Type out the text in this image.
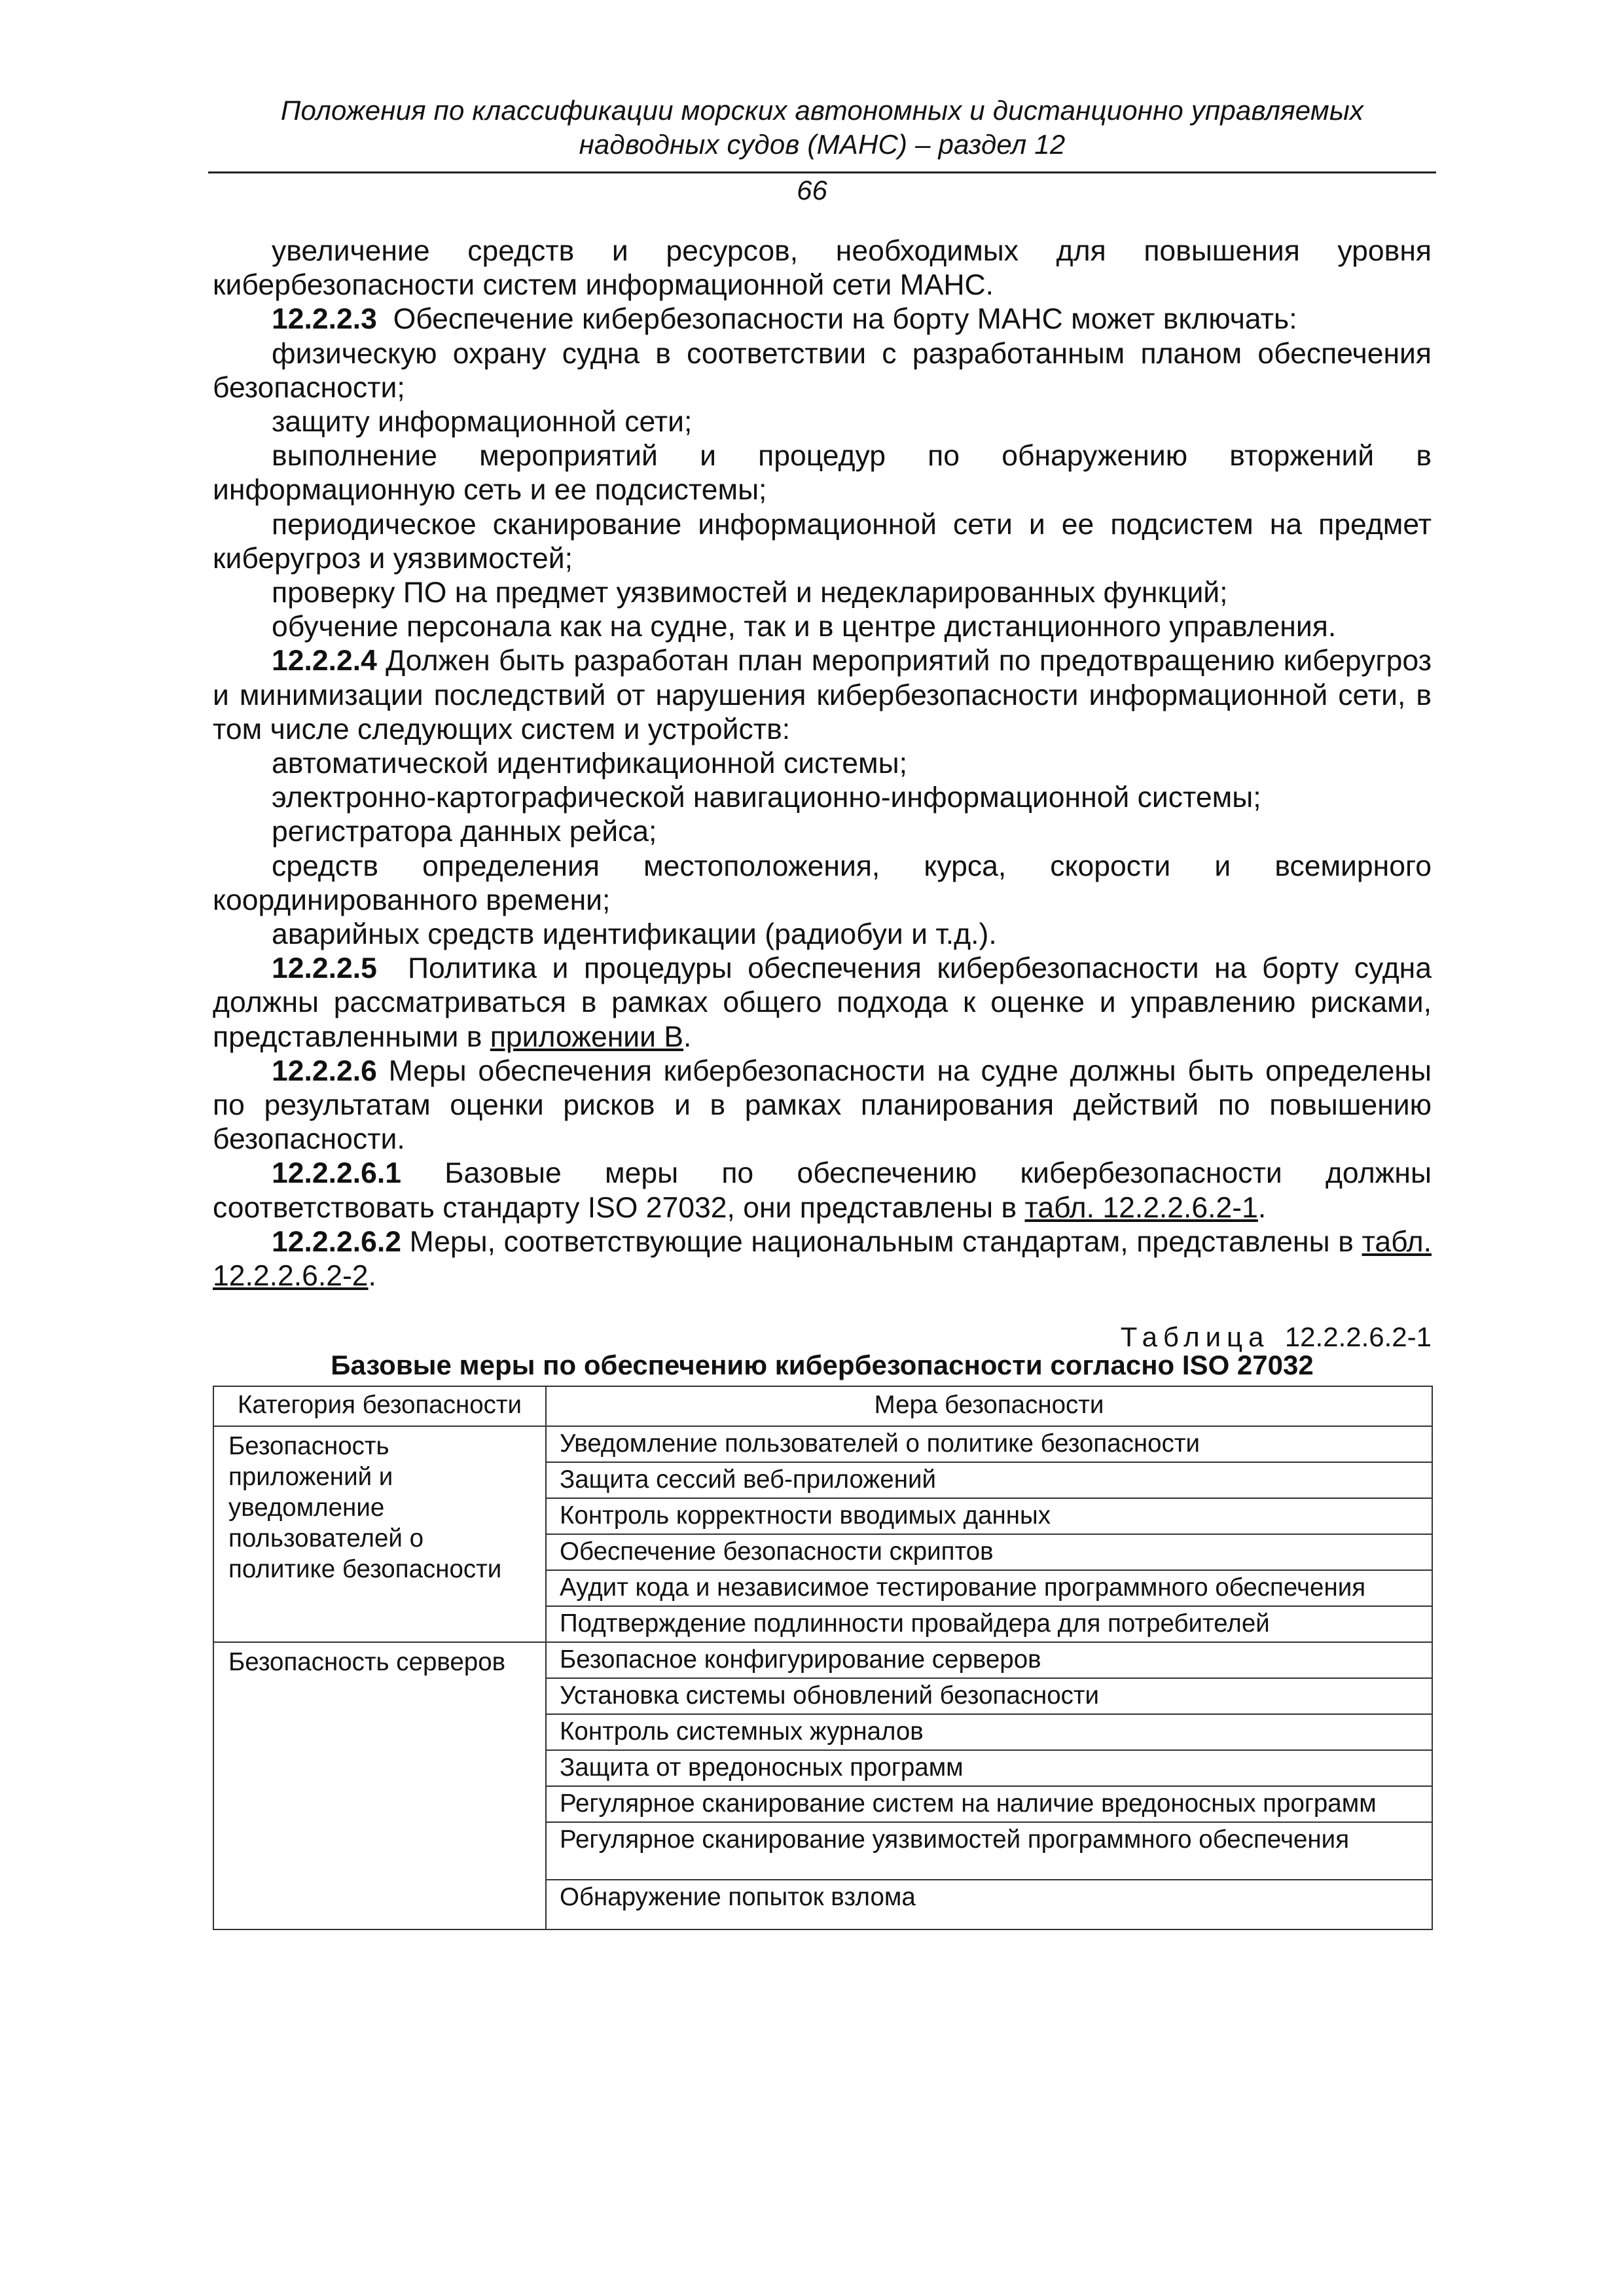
Положения по классификации морских автономных и дистанционно управляемых
надводных судов (МАНС) – раздел 12
66

увеличение средств и ресурсов, необходимых для повышения уровня кибербезопасности систем информационной сети МАНС.

12.2.2.3 Обеспечение кибербезопасности на борту МАНС может включать:

физическую охрану судна в соответствии с разработанным планом обеспечения безопасности;

защиту информационной сети;

выполнение мероприятий и процедур по обнаружению вторжений в информационную сеть и ее подсистемы;

периодическое сканирование информационной сети и ее подсистем на предмет киберугроз и уязвимостей;

проверку ПО на предмет уязвимостей и недекларированных функций;

обучение персонала как на судне, так и в центре дистанционного управления.

12.2.2.4 Должен быть разработан план мероприятий по предотвращению киберугроз и минимизации последствий от нарушения кибербезопасности информационной сети, в том числе следующих систем и устройств:

автоматической идентификационной системы;

электронно-картографической навигационно-информационной системы;

регистратора данных рейса;

средств определения местоположения, курса, скорости и всемирного координированного времени;

аварийных средств идентификации (радиобуи и т.д.).

12.2.2.5 Политика и процедуры обеспечения кибербезопасности на борту судна должны рассматриваться в рамках общего подхода к оценке и управлению рисками, представленными в приложении В.

12.2.2.6 Меры обеспечения кибербезопасности на судне должны быть определены по результатам оценки рисков и в рамках планирования действий по повышению безопасности.

12.2.2.6.1 Базовые меры по обеспечению кибербезопасности должны соответствовать стандарту ISO 27032, они представлены в табл. 12.2.2.6.2-1.

12.2.2.6.2 Меры, соответствующие национальным стандартам, представлены в табл. 12.2.2.6.2-2.

Таблица 12.2.2.6.2-1
Базовые меры по обеспечению кибербезопасности согласно ISO 27032
Категория безопасности	Мера безопасности
Безопасность приложений и уведомление пользователей о политике безопасности	Уведомление пользователей о политике безопасности
	Защита сессий веб-приложений
	Контроль корректности вводимых данных
	Обеспечение безопасности скриптов
	Аудит кода и независимое тестирование программного обеспечения
	Подтверждение подлинности провайдера для потребителей
Безопасность серверов	Безопасное конфигурирование серверов
	Установка системы обновлений безопасности
	Контроль системных журналов
	Защита от вредоносных программ
	Регулярное сканирование систем на наличие вредоносных программ
	Регулярное сканирование уязвимостей программного обеспечения
	Обнаружение попыток взлома
